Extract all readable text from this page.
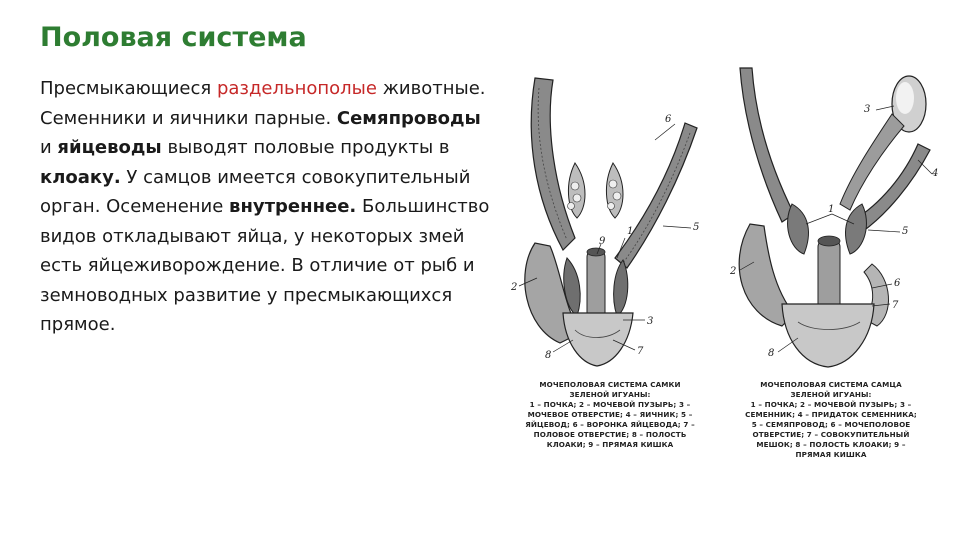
Половая система
Пресмыкающиеся раздельнополые животные. Семенники и яичники парные. Семяпроводы и яйцеводы выводят половые продукты в клоаку. У самцов имеется совокупительный орган. Осеменение внутреннее. Большинство видов откладывают яйца, у некоторых змей есть яйцеживорождение. В отличие от рыб и земноводных развитие у пресмыкающихся прямое.
6
5
1
9
2
3
7
8
3
4
1
5
2
6
7
8
МОЧЕПОЛОВАЯ СИСТЕМА САМКИ
ЗЕЛЕНОЙ ИГУАНЫ:
1 – ПОЧКА; 2 – МОЧЕВОЙ ПУЗЫРЬ; 3 –
МОЧЕВОЕ ОТВЕРСТИЕ; 4 – ЯИЧНИК; 5 –
ЯЙЦЕВОД; 6 – ВОРОНКА ЯЙЦЕВОДА; 7 –
ПОЛОВОЕ ОТВЕРСТИЕ; 8 – ПОЛОСТЬ
КЛОАКИ; 9 – ПРЯМАЯ КИШКА
МОЧЕПОЛОВАЯ СИСТЕМА САМЦА
ЗЕЛЕНОЙ ИГУАНЫ:
1 – ПОЧКА; 2 – МОЧЕВОЙ ПУЗЫРЬ; 3 –
СЕМЕННИК; 4 – ПРИДАТОК СЕМЕННИКА;
5 – СЕМЯПРОВОД; 6 – МОЧЕПОЛОВОЕ
ОТВЕРСТИЕ; 7 – СОВОКУПИТЕЛЬНЫЙ
МЕШОК; 8 – ПОЛОСТЬ КЛОАКИ; 9 –
ПРЯМАЯ КИШКА
